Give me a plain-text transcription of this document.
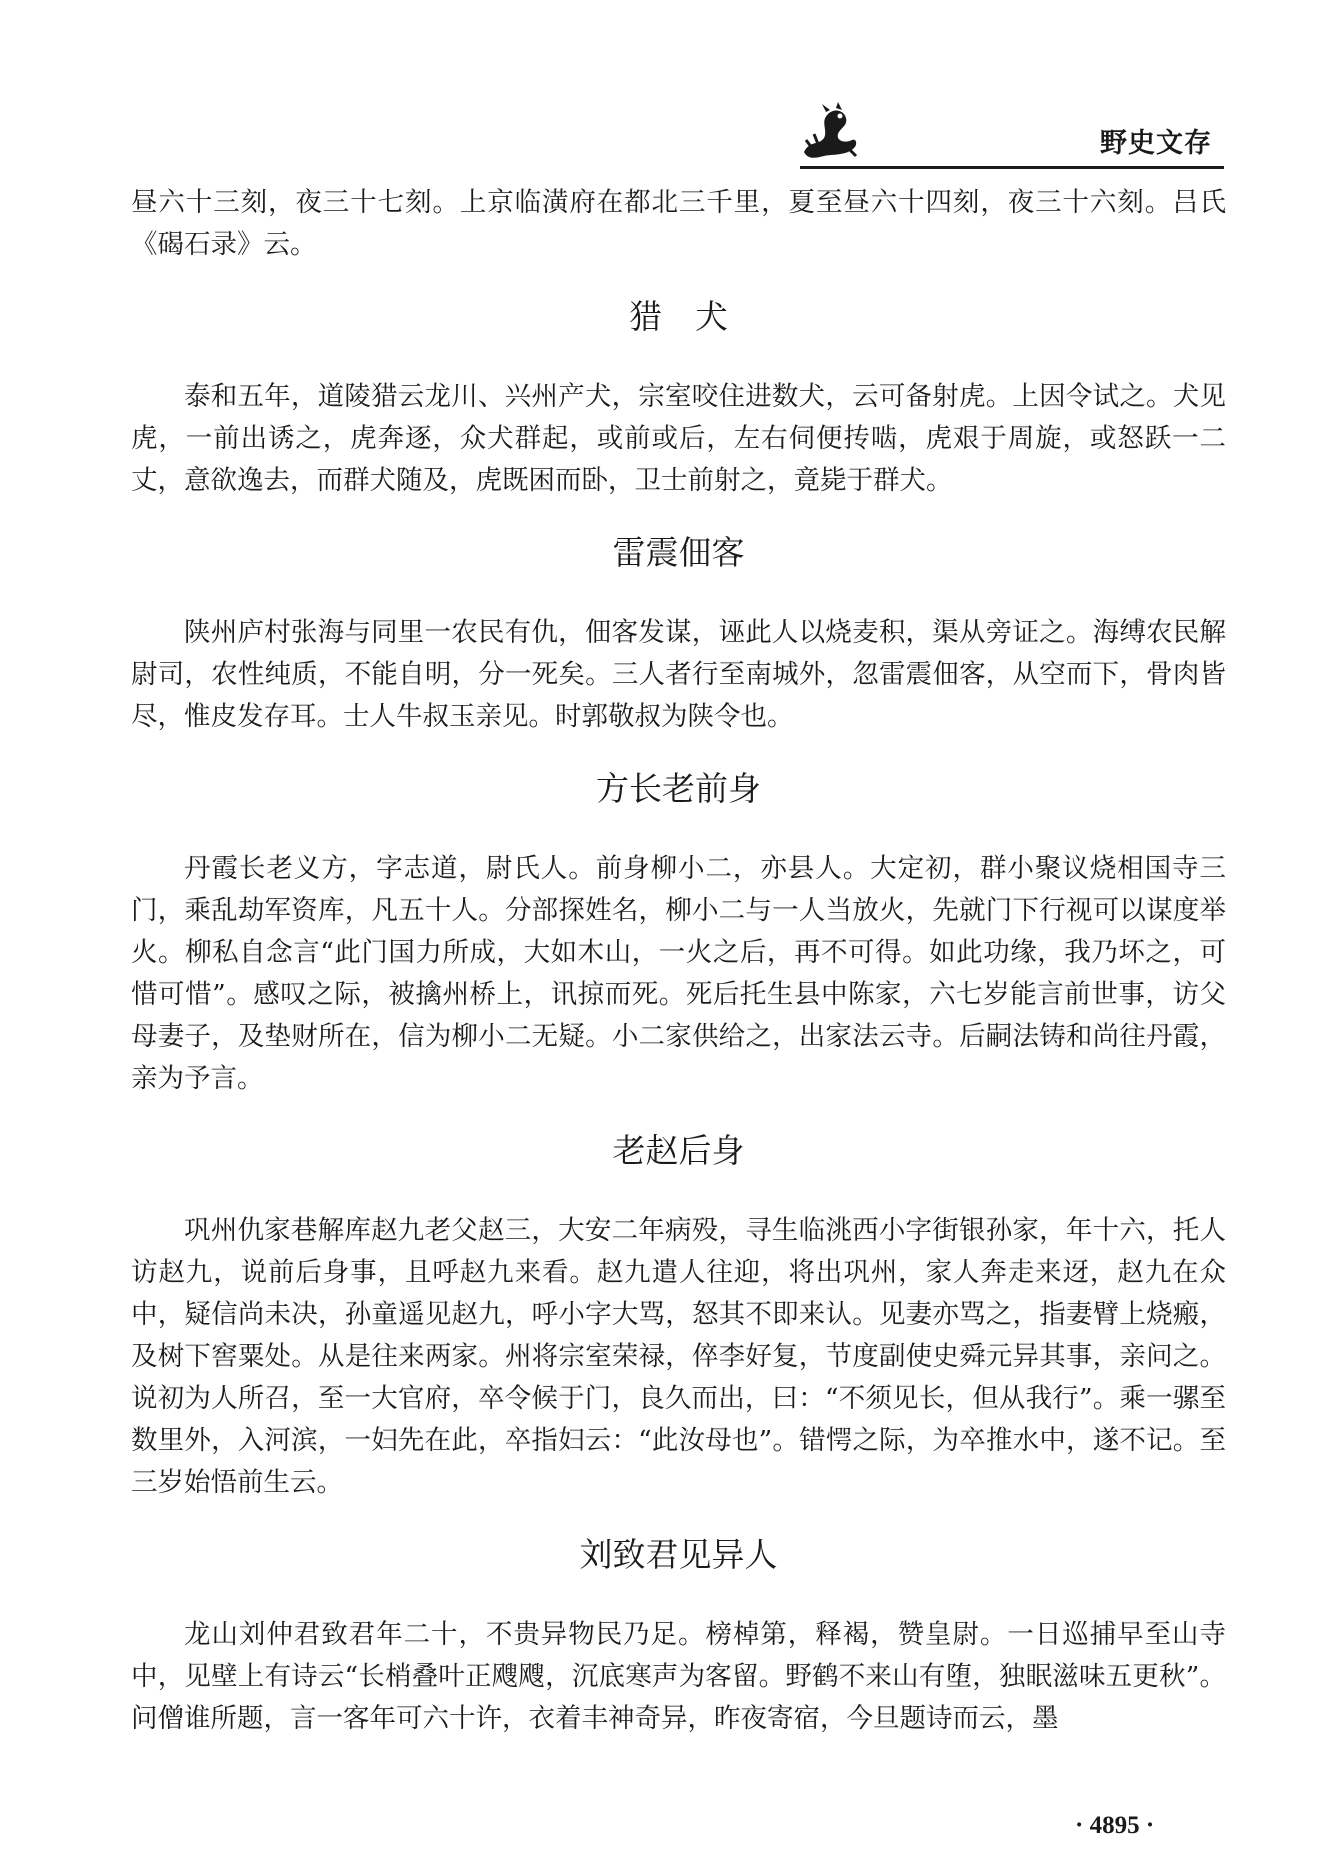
野史文存

昼六十三刻，夜三十七刻。上京临潢府在都北三千里，夏至昼六十四刻，夜三十六刻。吕氏《碣石录》云。

猎　犬

泰和五年，道陵猎云龙川、兴州产犬，宗室咬住进数犬，云可备射虎。上因令试之。犬见虎，一前出诱之，虎奔逐，众犬群起，或前或后，左右伺便抟啮，虎艰于周旋，或怒跃一二丈，意欲逸去，而群犬随及，虎既困而卧，卫士前射之，竟毙于群犬。

雷震佃客

陕州庐村张海与同里一农民有仇，佃客发谋，诬此人以烧麦积，渠从旁证之。海缚农民解尉司，农性纯质，不能自明，分一死矣。三人者行至南城外，忽雷震佃客，从空而下，骨肉皆尽，惟皮发存耳。士人牛叔玉亲见。时郭敬叔为陕令也。

方长老前身

丹霞长老义方，字志道，尉氏人。前身柳小二，亦县人。大定初，群小聚议烧相国寺三门，乘乱劫军资库，凡五十人。分部探姓名，柳小二与一人当放火，先就门下行视可以谋度举火。柳私自念言“此门国力所成，大如木山，一火之后，再不可得。如此功缘，我乃坏之，可惜可惜”。感叹之际，被擒州桥上，讯掠而死。死后托生县中陈家，六七岁能言前世事，访父母妻子，及垫财所在，信为柳小二无疑。小二家供给之，出家法云寺。后嗣法铸和尚往丹霞，亲为予言。

老赵后身

巩州仇家巷解库赵九老父赵三，大安二年病殁，寻生临洮西小字街银孙家，年十六，托人访赵九，说前后身事，且呼赵九来看。赵九遣人往迎，将出巩州，家人奔走来迓，赵九在众中，疑信尚未决，孙童遥见赵九，呼小字大骂，怒其不即来认。见妻亦骂之，指妻臂上烧瘢，及树下窖粟处。从是往来两家。州将宗室荣禄，倅李好复，节度副使史舜元异其事，亲问之。说初为人所召，至一大官府，卒令候于门，良久而出，曰：“不须见长，但从我行”。乘一骡至数里外，入河滨，一妇先在此，卒指妇云：“此汝母也”。错愕之际，为卒推水中，遂不记。至三岁始悟前生云。

刘致君见异人

龙山刘仲君致君年二十，不贵异物民乃足。榜棹第，释褐，赞皇尉。一日巡捕早至山寺中，见壁上有诗云“长梢叠叶正飕飕，沉底寒声为客留。野鹤不来山有堕，独眠滋味五更秋”。问僧谁所题，言一客年可六十许，衣着丰神奇异，昨夜寄宿，今旦题诗而云，墨

· 4895 ·
